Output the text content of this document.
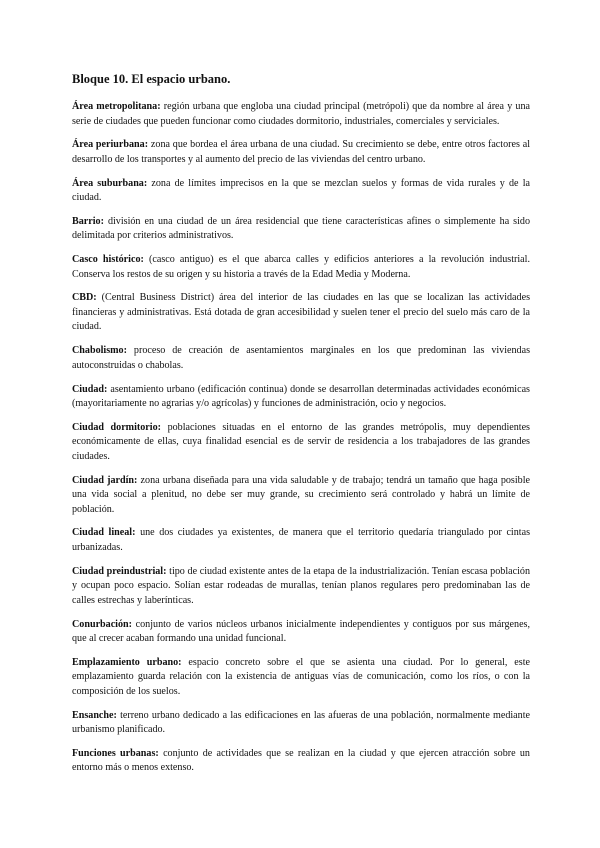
Bloque 10. El espacio urbano.

Área metropolitana: región urbana que engloba una ciudad principal (metrópoli) que da nombre al área y una serie de ciudades que pueden funcionar como ciudades dormitorio, industriales, comerciales y serviciales.

Área periurbana: zona que bordea el área urbana de una ciudad. Su crecimiento se debe, entre otros factores al desarrollo de los transportes y al aumento del precio de las viviendas del centro urbano.

Área suburbana: zona de límites imprecisos en la que se mezclan suelos y formas de vida rurales y de la ciudad.

Barrio: división en una ciudad de un área residencial que tiene características afines o simplemente ha sido delimitada por criterios administrativos.

Casco histórico: (casco antiguo) es el que abarca calles y edificios anteriores a la revolución industrial. Conserva los restos de su origen y su historia a través de la Edad Media y Moderna.

CBD: (Central Business District) área del interior de las ciudades en las que se localizan las actividades financieras y administrativas. Está dotada de gran accesibilidad y suelen tener el precio del suelo más caro de la ciudad.

Chabolismo: proceso de creación de asentamientos marginales en los que predominan las viviendas autoconstruidas o chabolas.

Ciudad: asentamiento urbano (edificación continua) donde se desarrollan determinadas actividades económicas (mayoritariamente no agrarias y/o agrícolas) y funciones de administración, ocio y negocios.

Ciudad dormitorio: poblaciones situadas en el entorno de las grandes metrópolis, muy dependientes económicamente de ellas, cuya finalidad esencial es de servir de residencia a los trabajadores de las grandes ciudades.

Ciudad jardín: zona urbana diseñada para una vida saludable y de trabajo; tendrá un tamaño que haga posible una vida social a plenitud, no debe ser muy grande, su crecimiento será controlado y habrá un límite de población.

Ciudad lineal: une dos ciudades ya existentes, de manera que el territorio quedaría triangulado por cintas urbanizadas.

Ciudad preindustrial: tipo de ciudad existente antes de la etapa de la industrialización. Tenían escasa población y ocupan poco espacio. Solían estar rodeadas de murallas, tenían planos regulares pero predominaban las de calles estrechas y laberínticas.

Conurbación: conjunto de varios núcleos urbanos inicialmente independientes y contiguos por sus márgenes, que al crecer acaban formando una unidad funcional.

Emplazamiento urbano: espacio concreto sobre el que se asienta una ciudad. Por lo general, este emplazamiento guarda relación con la existencia de antiguas vías de comunicación, como los ríos, o con la composición de los suelos.

Ensanche: terreno urbano dedicado a las edificaciones en las afueras de una población, normalmente mediante urbanismo planificado.

Funciones urbanas: conjunto de actividades que se realizan en la ciudad y que ejercen atracción sobre un entorno más o menos extenso.
